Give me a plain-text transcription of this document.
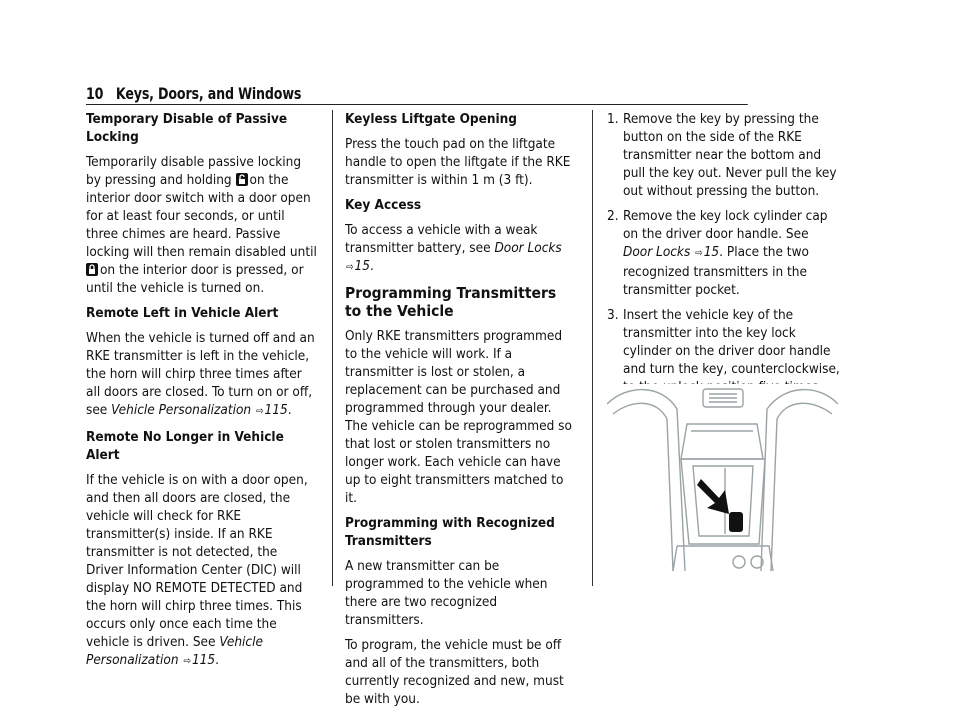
10 Keys, Doors, and Windows

Temporary Disable of Passive Locking

Temporarily disable passive locking by pressing and holding on the interior door switch with a door open for at least four seconds, or until three chimes are heard. Passive locking will then remain disabled until on the interior door is pressed, or until the vehicle is turned on.

Remote Left in Vehicle Alert

When the vehicle is turned off and an RKE transmitter is left in the vehicle, the horn will chirp three times after all doors are closed. To turn on or off, see Vehicle Personalization ⇨115.

Remote No Longer in Vehicle Alert

If the vehicle is on with a door open, and then all doors are closed, the vehicle will check for RKE transmitter(s) inside. If an RKE transmitter is not detected, the Driver Information Center (DIC) will display NO REMOTE DETECTED and the horn will chirp three times. This occurs only once each time the vehicle is driven. See Vehicle Personalization ⇨115.

Keyless Liftgate Opening

Press the touch pad on the liftgate handle to open the liftgate if the RKE transmitter is within 1 m (3 ft).

Key Access

To access a vehicle with a weak transmitter battery, see Door Locks ⇨15.

Programming Transmitters to the Vehicle

Only RKE transmitters programmed to the vehicle will work. If a transmitter is lost or stolen, a replacement can be purchased and programmed through your dealer. The vehicle can be reprogrammed so that lost or stolen transmitters no longer work. Each vehicle can have up to eight transmitters matched to it.

Programming with Recognized Transmitters

A new transmitter can be programmed to the vehicle when there are two recognized transmitters.

To program, the vehicle must be off and all of the transmitters, both currently recognized and new, must be with you.

1. Remove the key by pressing the button on the side of the RKE transmitter near the bottom and pull the key out. Never pull the key out without pressing the button.
2. Remove the key lock cylinder cap on the driver door handle. See Door Locks ⇨15. Place the two recognized transmitters in the transmitter pocket.
3. Insert the vehicle key of the transmitter into the key lock cylinder on the driver door handle and turn the key, counterclockwise,
